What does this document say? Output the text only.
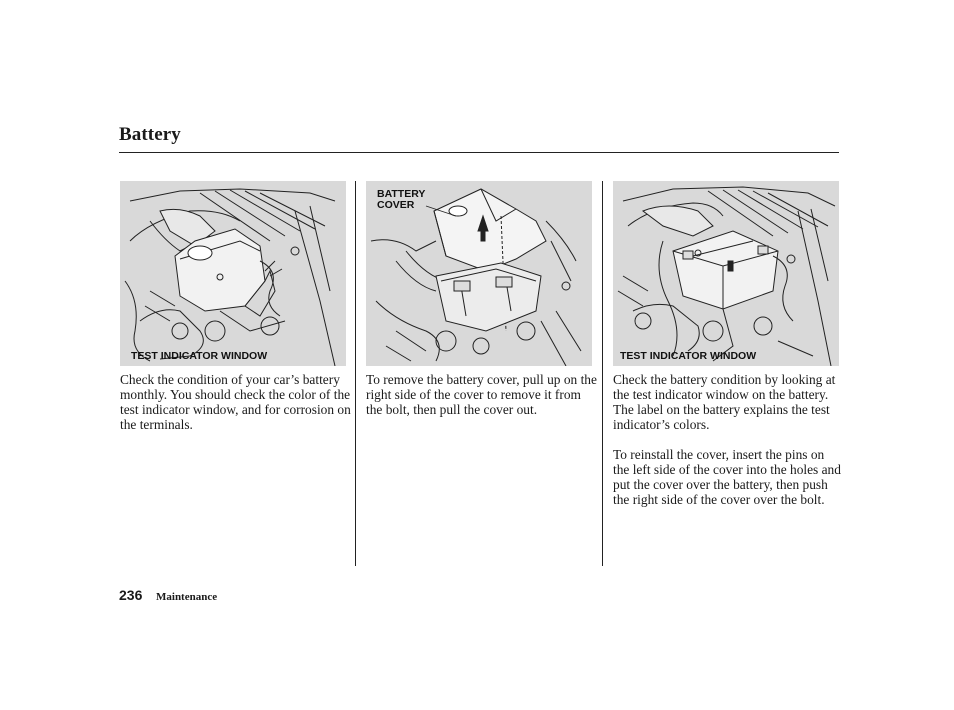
Battery
TEST INDICATOR WINDOW
BATTERY
COVER
TEST INDICATOR WINDOW

Check the condition of your car’s battery monthly. You should check the color of the test indicator window, and for corrosion on the terminals.

To remove the battery cover, pull up on the right side of the cover to remove it from the bolt, then pull the cover out.

Check the battery condition by looking at the test indicator window on the battery.

The label on the battery explains the test indicator’s colors.

To reinstall the cover, insert the pins on the left side of the cover into the holes and put the cover over the battery, then push the right side of the cover over the bolt.

236 Maintenance
